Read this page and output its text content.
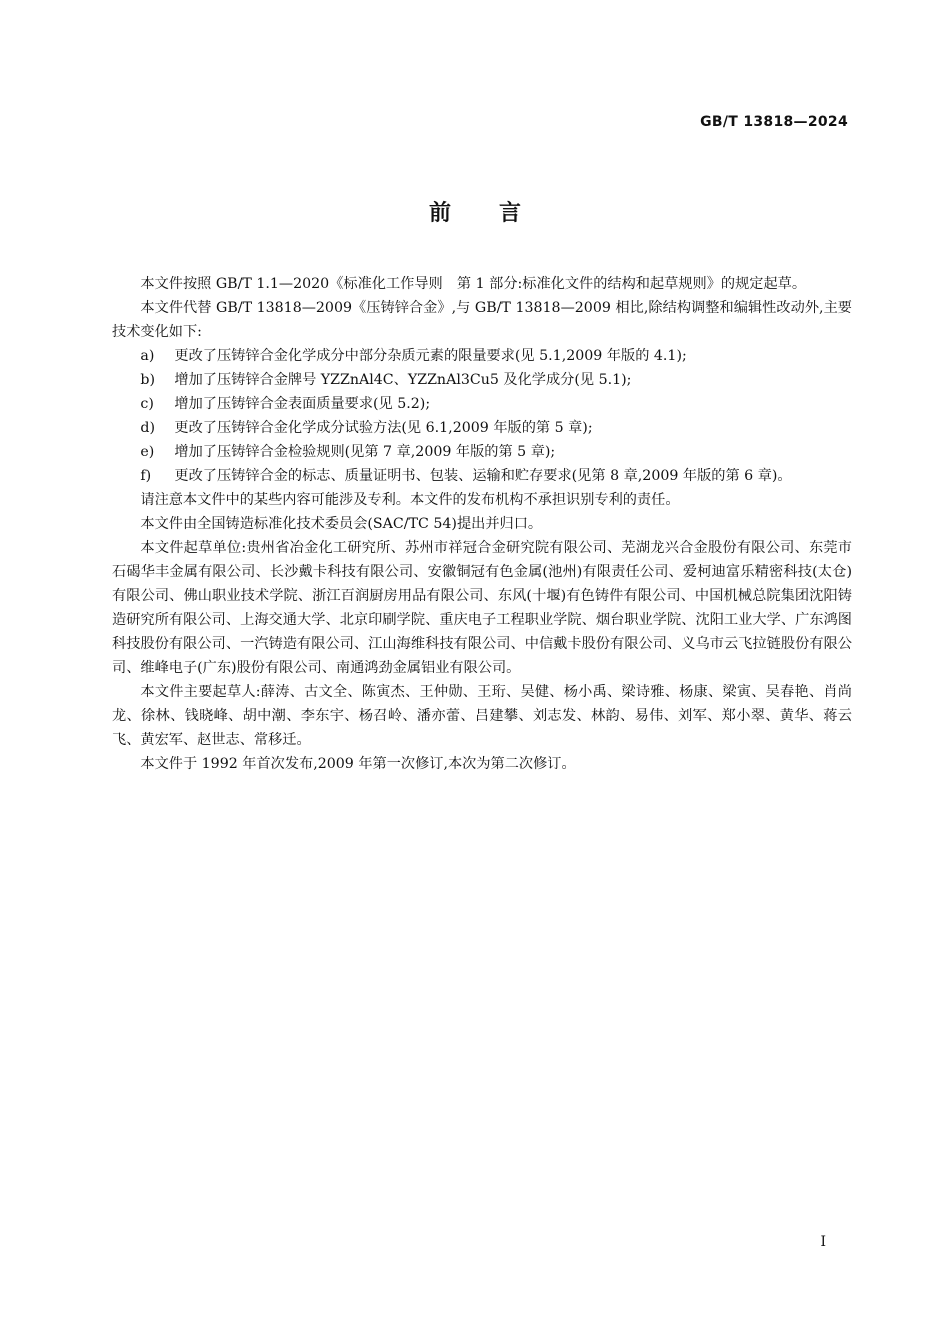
GB/T 13818—2024
前 言

本文件按照 GB/T 1.1—2020《标准化工作导则　第 1 部分:标准化文件的结构和起草规则》的规定起草。

本文件代替 GB/T 13818—2009《压铸锌合金》,与 GB/T 13818—2009 相比,除结构调整和编辑性改动外,主要技术变化如下:

a)	更改了压铸锌合金化学成分中部分杂质元素的限量要求(见 5.1,2009 年版的 4.1);
b)	增加了压铸锌合金牌号 YZZnAl4C、YZZnAl3Cu5 及化学成分(见 5.1);
c)	增加了压铸锌合金表面质量要求(见 5.2);
d)	更改了压铸锌合金化学成分试验方法(见 6.1,2009 年版的第 5 章);
e)	增加了压铸锌合金检验规则(见第 7 章,2009 年版的第 5 章);
f)	更改了压铸锌合金的标志、质量证明书、包装、运输和贮存要求(见第 8 章,2009 年版的第 6 章)。

请注意本文件中的某些内容可能涉及专利。本文件的发布机构不承担识别专利的责任。

本文件由全国铸造标准化技术委员会(SAC/TC 54)提出并归口。

本文件起草单位:贵州省冶金化工研究所、苏州市祥冠合金研究院有限公司、芜湖龙兴合金股份有限公司、东莞市石碣华丰金属有限公司、长沙戴卡科技有限公司、安徽铜冠有色金属(池州)有限责任公司、爱柯迪富乐精密科技(太仓)有限公司、佛山职业技术学院、浙江百润厨房用品有限公司、东风(十堰)有色铸件有限公司、中国机械总院集团沈阳铸造研究所有限公司、上海交通大学、北京印刷学院、重庆电子工程职业学院、烟台职业学院、沈阳工业大学、广东鸿图科技股份有限公司、一汽铸造有限公司、江山海维科技有限公司、中信戴卡股份有限公司、义乌市云飞拉链股份有限公司、维峰电子(广东)股份有限公司、南通鸿劲金属铝业有限公司。

本文件主要起草人:薛涛、古文全、陈寅杰、王仲勋、王珩、吴健、杨小禹、梁诗雅、杨康、梁寅、吴春艳、肖尚龙、徐林、钱晓峰、胡中潮、李东宇、杨召岭、潘亦蕾、吕建攀、刘志发、林韵、易伟、刘军、郑小翠、黄华、蒋云飞、黄宏军、赵世志、常移迁。

本文件于 1992 年首次发布,2009 年第一次修订,本次为第二次修订。

I
